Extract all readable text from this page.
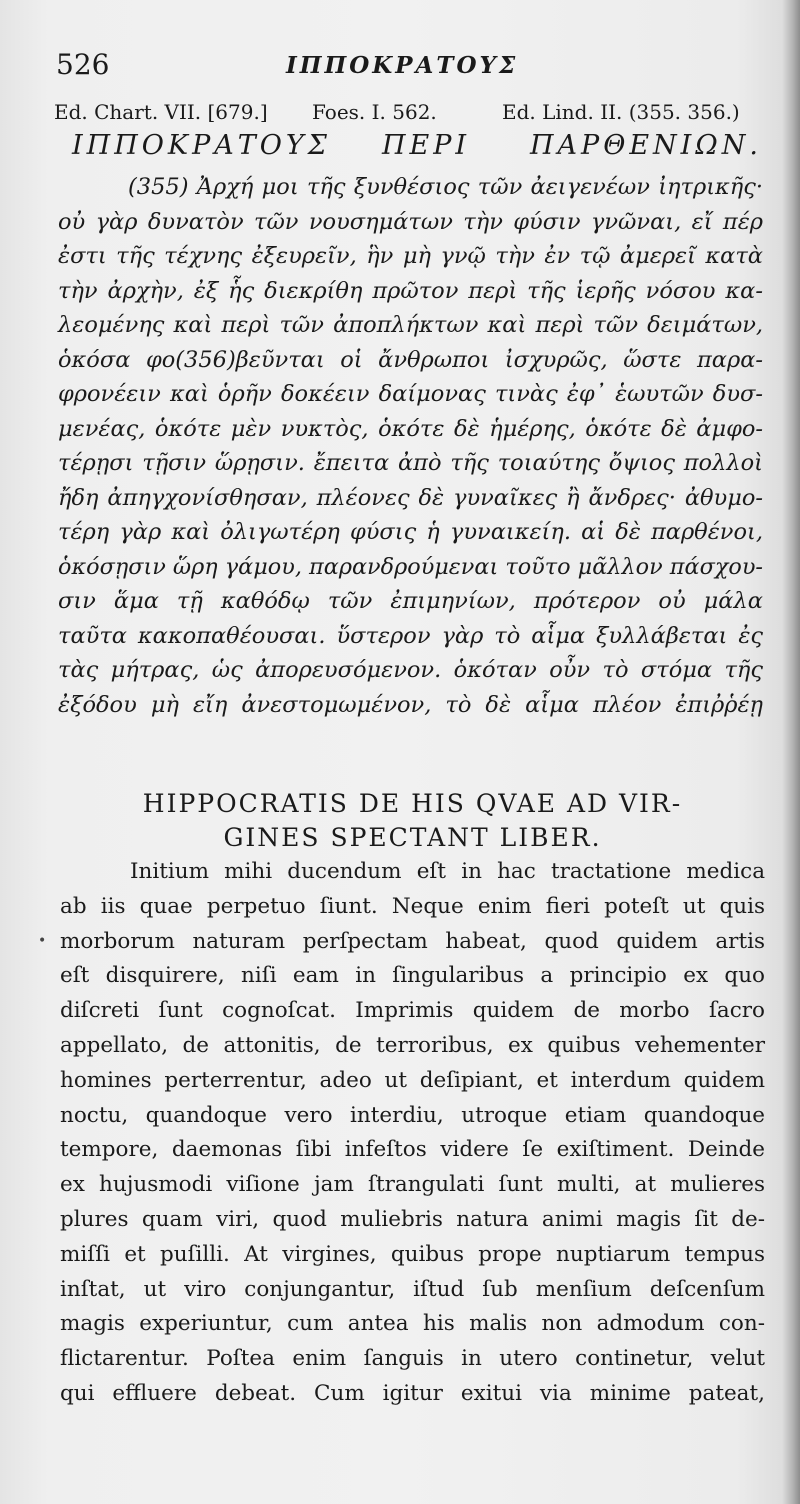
526	ΙΠΠΟΚΡΑΤΟΥΣ
Ed. Chart. VII. [679.] Foes. I. 562.	Ed. Lind. II. (355. 356.)
ΙΠΠΟΚΡΑΤΟΥΣ ΠΕΡΙ ΠΑΡΘΕΝΙΩΝ.
(355) Ἀρχή μοι τῆς ξυνθέσιος τῶν ἀειγενέων ἰητρικῆς·
οὐ γὰρ δυνατὸν τῶν νουσημάτων τὴν φύσιν γνῶναι, εἴ πέρ
ἐστι τῆς τέχνης ἐξευρεῖν, ἣν μὴ γνῷ τὴν ἐν τῷ ἀμερεῖ κατὰ
τὴν ἀρχὴν, ἐξ ἧς διεκρίθη πρῶτον περὶ τῆς ἱερῆς νόσου κα-
λεομένης καὶ περὶ τῶν ἀποπλήκτων καὶ περὶ τῶν δειμάτων,
ὁκόσα φο(356)βεῦνται οἱ ἄνθρωποι ἰσχυρῶς, ὥστε παρα-
φρονέειν καὶ ὁρῆν δοκέειν δαίμονας τινὰς ἐφ᾽ ἑωυτῶν δυσ-
μενέας, ὁκότε μὲν νυκτὸς, ὁκότε δὲ ἡμέρης, ὁκότε δὲ ἀμφο-
τέρῃσι τῇσιν ὥρῃσιν. ἔπειτα ἀπὸ τῆς τοιαύτης ὄψιος πολλοὶ
ἤδη ἀπηγχονίσθησαν, πλέονες δὲ γυναῖκες ἢ ἄνδρες· ἀθυμο-
τέρη γὰρ καὶ ὀλιγωτέρη φύσις ἡ γυναικείη. αἱ δὲ παρθένοι,
ὁκόσῃσιν ὥρη γάμου, παρανδρούμεναι τοῦτο μᾶλλον πάσχου-
σιν ἅμα τῇ καθόδῳ τῶν ἐπιμηνίων, πρότερον οὐ μάλα
ταῦτα κακοπαθέουσαι. ὕστερον γὰρ τὸ αἷμα ξυλλάβεται ἐς
τὰς μήτρας, ὡς ἀπορευσόμενον. ὁκόταν οὖν τὸ στόμα τῆς
ἐξόδου μὴ εἴη ἀνεστομωμένον, τὸ δὲ αἷμα πλέον ἐπιῤῥέῃ
HIPPOCRATIS DE HIS QVAE AD VIR-
GINES SPECTANT LIBER.
•
Initium mihi ducendum eſt in hac tractatione medica
ab iis quae perpetuo ſiunt. Neque enim fieri poteſt ut quis
morborum naturam perſpectam habeat, quod quidem artis
eſt disquirere, niſi eam in ſingularibus a principio ex quo
diſcreti ſunt cognoſcat. Imprimis quidem de morbo ſacro
appellato, de attonitis, de terroribus, ex quibus vehementer
homines perterrentur, adeo ut deſipiant, et interdum quidem
noctu, quandoque vero interdiu, utroque etiam quandoque
tempore, daemonas ſibi infeſtos videre ſe exiſtiment. Deinde
ex hujusmodi viſione jam ſtrangulati ſunt multi, at mulieres
plures quam viri, quod muliebris natura animi magis ſit de-
miſſi et puſilli. At virgines, quibus prope nuptiarum tempus
inſtat, ut viro conjungantur, iſtud ſub menſium deſcenſum
magis experiuntur, cum antea his malis non admodum con-
flictarentur. Poſtea enim ſanguis in utero continetur, velut
qui effluere debeat. Cum igitur exitui via minime pateat,
